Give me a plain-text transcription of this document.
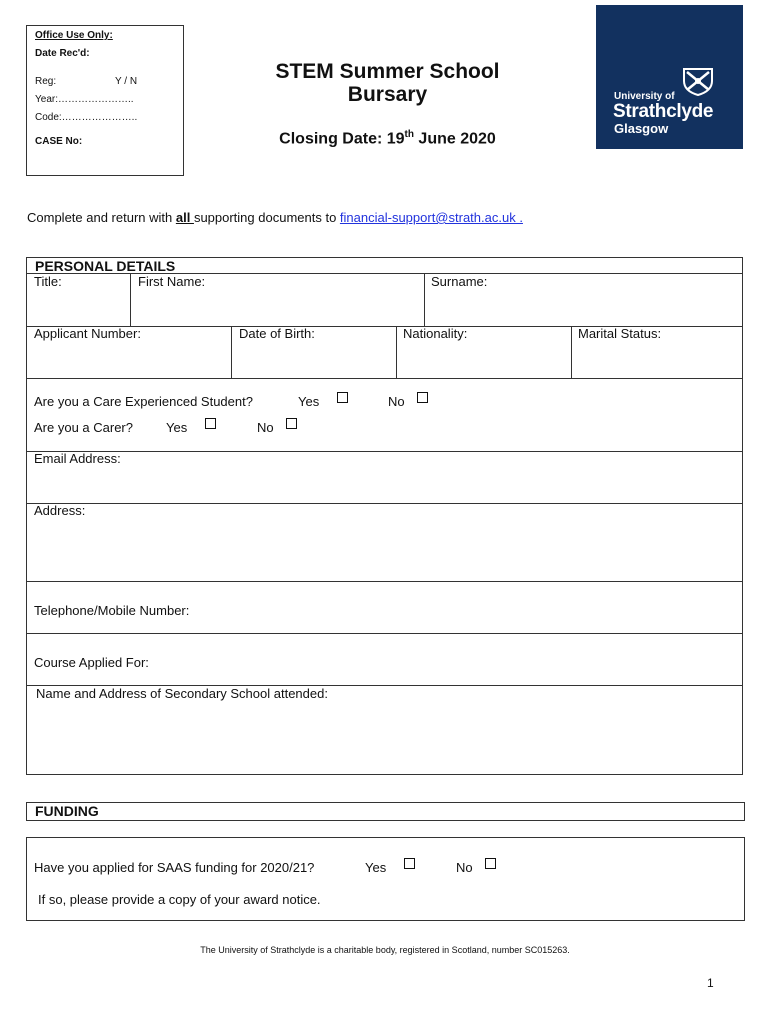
Office Use Only:
Date Rec'd:
Reg:	Y / N
Year:…………………..
Code:…………………..
CASE No:
STEM Summer School
Bursary
Closing Date: 19th June 2020
University of
Strathclyde
Glasgow
Complete and return with all supporting documents to financial-support@strath.ac.uk .
PERSONAL DETAILS
Title:	First Name:	Surname:
Applicant Number:	Date of Birth:	Nationality:	Marital Status:
Are you a Care Experienced Student?	Yes	No
Are you a Carer?	Yes	No
Email Address:
Address:
Telephone/Mobile Number:
Course Applied For:
Name and Address of Secondary School attended:
FUNDING
Have you applied for SAAS funding for 2020/21?	Yes	No
If so, please provide a copy of your award notice.
The University of Strathclyde is a charitable body, registered in Scotland, number SC015263.
1
